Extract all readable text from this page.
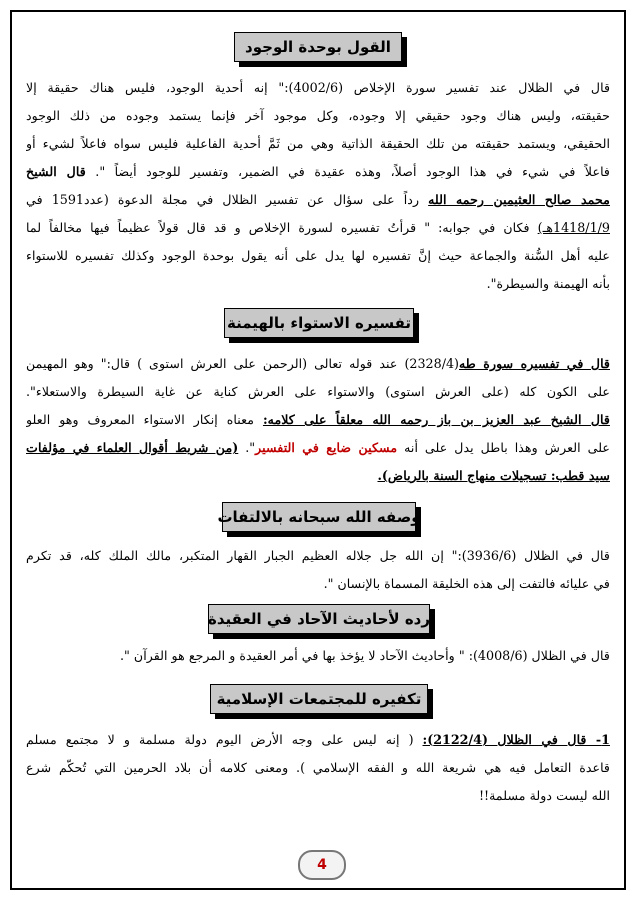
القول بوحدة الوجود
قال في الظلال عند تفسير سورة الإخلاص (4002/6):" إنه أحدية الوجود، فليس هناك حقيقة إلا
حقيقته، وليس هناك وجود حقيقي إلا وجوده، وكل موجود آخر فإنما يستمد وجوده من ذلك الوجود
الحقيقي، ويستمد حقيقته من تلك الحقيقة الذاتية وهي من ثَمَّ أحدية الفاعلية فليس سواه فاعلاً لشيء أو
فاعلاً في شيء في هذا الوجود أصلاً، وهذه عقيدة في الضمير، وتفسير للوجود أيضاً ". قال الشيخ
محمد صالح العثيمين رحمه الله رداً على سؤال عن تفسير الظلال في مجلة الدعوة (عدد1591 في
1418/1/9هـ) فكان في جوابه: " قرأتُ تفسيره لسورة الإخلاص و قد قال قولاً عظيماً فيها مخالفاً لما
عليه أهل السُّنة والجماعة حيث إنَّ تفسيره لها يدل على أنه يقول بوحدة الوجود وكذلك تفسيره للاستواء
بأنه الهيمنة والسيطرة".
تفسيره الاستواء بالهيمنة
قال في تفسيره سورة طه(2328/4) عند قوله تعالى (الرحمن على العرش استوى ) قال:" وهو المهيمن
على الكون كله (على العرش استوى) والاستواء على العرش كناية عن غاية السيطرة والاستعلاء".
قال الشيخ عبد العزيز بن باز رحمه الله معلقاً على كلامه: معناه إنكار الاستواء المعروف وهو العلو
على العرش وهذا باطل يدل على أنه مسكين ضايع في التفسير". (من شريط أقوال العلماء في مؤلفات
سيد قطب: تسجيلات منهاج السنة بالرياض).
وصفه الله سبحانه بالالتفات
قال في الظلال (3936/6):" إن الله جل جلاله العظيم الجبار القهار المتكبر، مالك الملك كله، قد تكرم
في عليائه فالتفت إلى هذه الخليقة المسماة بالإنسان ".
رده لأحاديث الآحاد في العقيدة
قال في الظلال (4008/6): " وأحاديث الآحاد لا يؤخذ بها في أمر العقيدة و المرجع هو القرآن ".
تكفيره للمجتمعات الإسلامية
1- قال في الظلال (2122/4): ( إنه ليس على وجه الأرض اليوم دولة مسلمة و لا مجتمع مسلم
قاعدة التعامل فيه هي شريعة الله و الفقه الإسلامي ). ومعنى كلامه أن بلاد الحرمين التي تُحكّم شرع
الله ليست دولة مسلمة!!
4
